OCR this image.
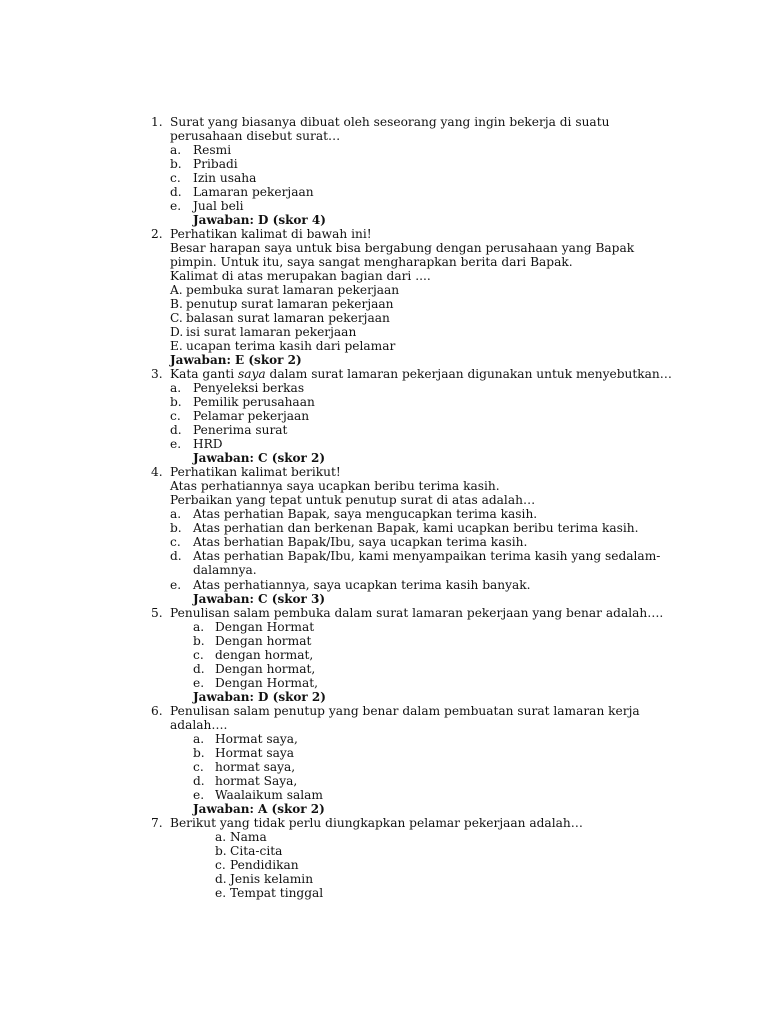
1. Surat yang biasanya dibuat oleh seseorang yang ingin bekerja di suatu
perusahaan disebut surat…
a. Resmi
b. Pribadi
c. Izin usaha
d. Lamaran pekerjaan
e. Jual beli
Jawaban: D (skor 4)
2. Perhatikan kalimat di bawah ini!
Besar harapan saya untuk bisa bergabung dengan perusahaan yang Bapak
pimpin. Untuk itu, saya sangat mengharapkan berita dari Bapak.
Kalimat di atas merupakan bagian dari ....
A. pembuka surat lamaran pekerjaan
B. penutup surat lamaran pekerjaan
C. balasan surat lamaran pekerjaan
D. isi surat lamaran pekerjaan
E. ucapan terima kasih dari pelamar
Jawaban: E (skor 2)
3. Kata ganti saya dalam surat lamaran pekerjaan digunakan untuk menyebutkan…
a. Penyeleksi berkas
b. Pemilik perusahaan
c. Pelamar pekerjaan
d. Penerima surat
e. HRD
Jawaban: C (skor 2)
4. Perhatikan kalimat berikut!
Atas perhatiannya saya ucapkan beribu terima kasih.
Perbaikan yang tepat untuk penutup surat di atas adalah…
a. Atas perhatian Bapak, saya mengucapkan terima kasih.
b. Atas perhatian dan berkenan Bapak, kami ucapkan beribu terima kasih.
c. Atas berhatian Bapak/Ibu, saya ucapkan terima kasih.
d. Atas perhatian Bapak/Ibu, kami menyampaikan terima kasih yang sedalam-
dalamnya.
e. Atas perhatiannya, saya ucapkan terima kasih banyak.
Jawaban: C (skor 3)
5. Penulisan salam pembuka dalam surat lamaran pekerjaan yang benar adalah….
a. Dengan Hormat
b. Dengan hormat
c. dengan hormat,
d. Dengan hormat,
e. Dengan Hormat,
Jawaban: D (skor 2)
6. Penulisan salam penutup yang benar dalam pembuatan surat lamaran kerja
adalah….
a. Hormat saya,
b. Hormat saya
c. hormat saya,
d. hormat Saya,
e. Waalaikum salam
Jawaban: A (skor 2)
7. Berikut yang tidak perlu diungkapkan pelamar pekerjaan adalah…
a. Nama
b. Cita-cita
c. Pendidikan
d. Jenis kelamin
e. Tempat tinggal
